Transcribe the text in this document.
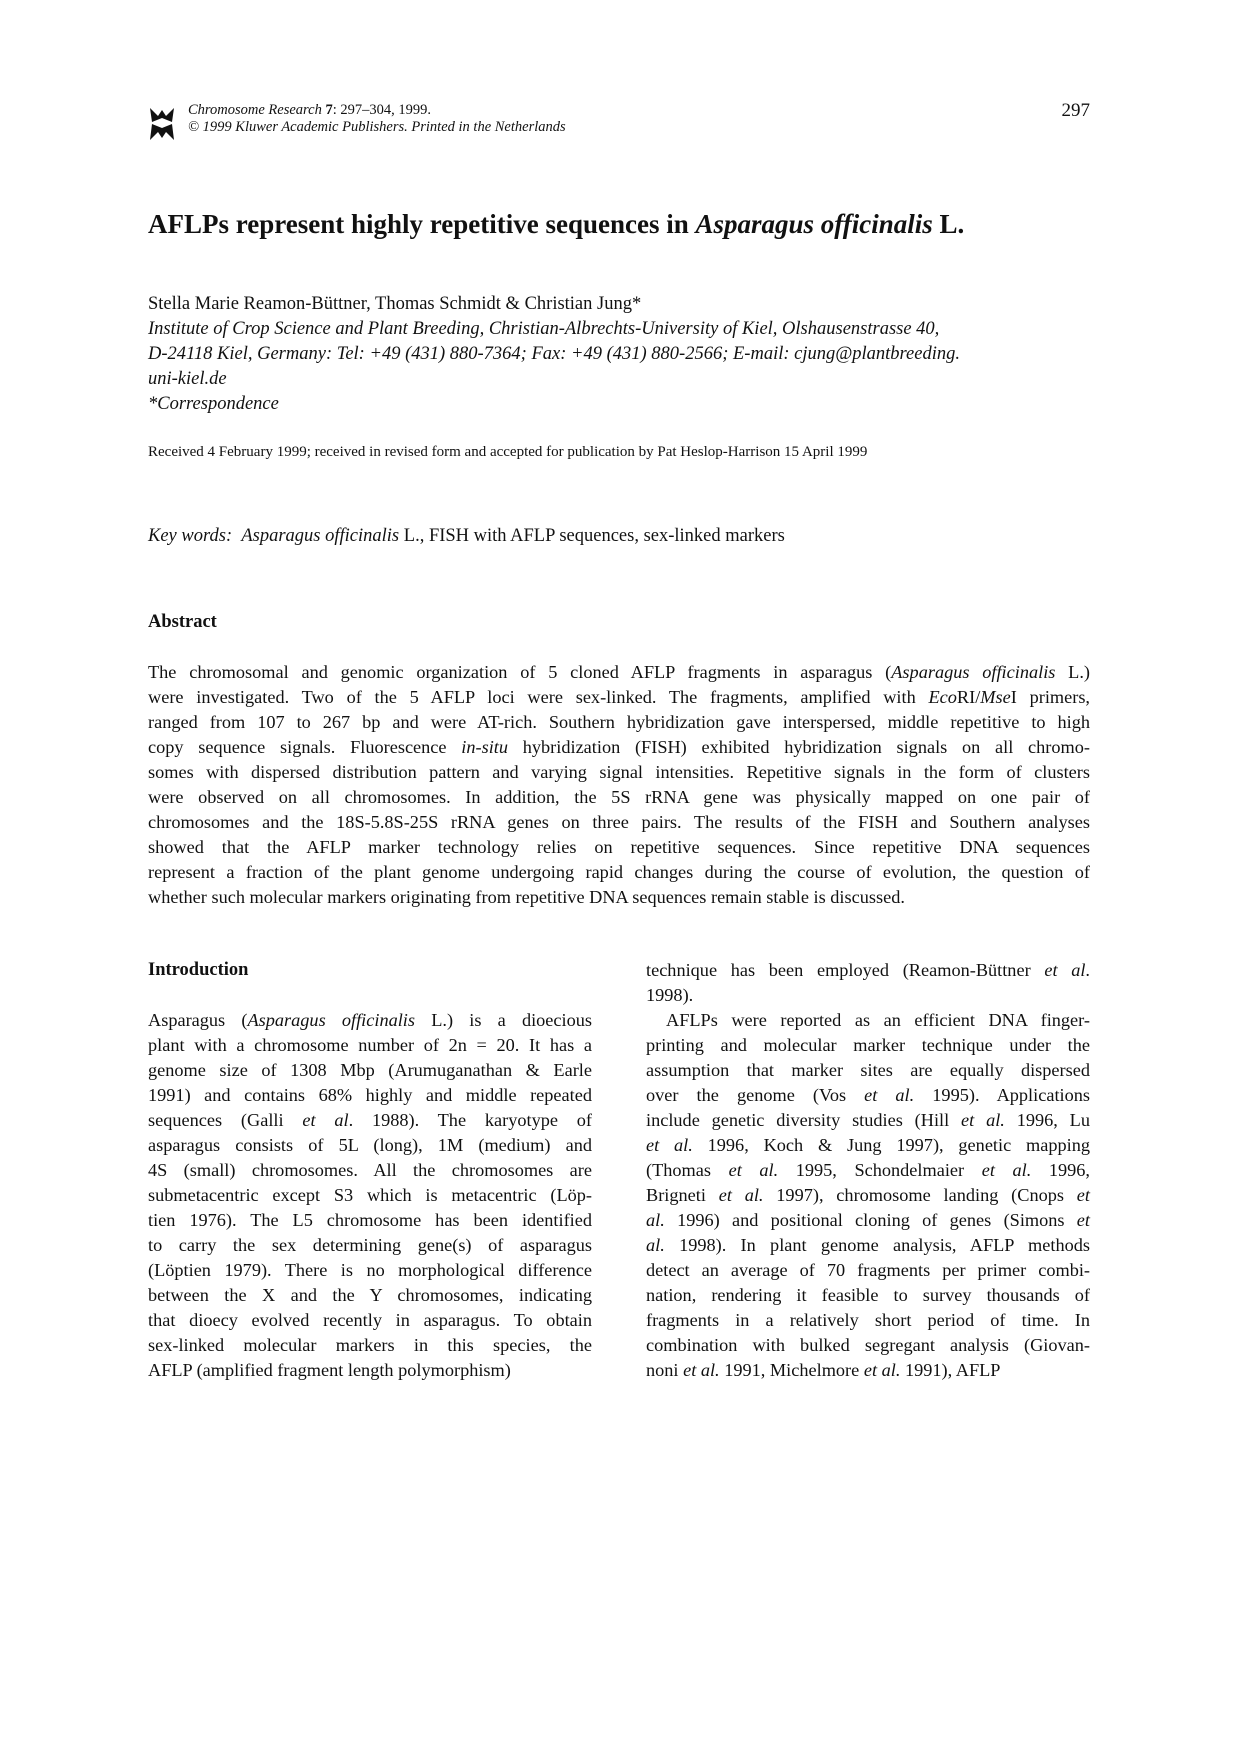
Chromosome Research 7: 297–304, 1999.
© 1999 Kluwer Academic Publishers. Printed in the Netherlands
297
AFLPs represent highly repetitive sequences in Asparagus officinalis L.
Stella Marie Reamon-Büttner, Thomas Schmidt & Christian Jung*
Institute of Crop Science and Plant Breeding, Christian-Albrechts-University of Kiel, Olshausenstrasse 40,
D-24118 Kiel, Germany: Tel: +49 (431) 880-7364; Fax: +49 (431) 880-2566; E-mail: cjung@plantbreeding.
uni-kiel.de
*Correspondence
Received 4 February 1999; received in revised form and accepted for publication by Pat Heslop-Harrison 15 April 1999
Key words: Asparagus officinalis L., FISH with AFLP sequences, sex-linked markers
Abstract
The chromosomal and genomic organization of 5 cloned AFLP fragments in asparagus (Asparagus officinalis L.)
were investigated. Two of the 5 AFLP loci were sex-linked. The fragments, amplified with EcoRI/MseI primers,
ranged from 107 to 267 bp and were AT-rich. Southern hybridization gave interspersed, middle repetitive to high
copy sequence signals. Fluorescence in-situ hybridization (FISH) exhibited hybridization signals on all chromo-
somes with dispersed distribution pattern and varying signal intensities. Repetitive signals in the form of clusters
were observed on all chromosomes. In addition, the 5S rRNA gene was physically mapped on one pair of
chromosomes and the 18S-5.8S-25S rRNA genes on three pairs. The results of the FISH and Southern analyses
showed that the AFLP marker technology relies on repetitive sequences. Since repetitive DNA sequences
represent a fraction of the plant genome undergoing rapid changes during the course of evolution, the question of
whether such molecular markers originating from repetitive DNA sequences remain stable is discussed.
Introduction

Asparagus (Asparagus officinalis L.) is a dioecious
plant with a chromosome number of 2n = 20. It has a
genome size of 1308 Mbp (Arumuganathan & Earle
1991) and contains 68% highly and middle repeated
sequences (Galli et al. 1988). The karyotype of
asparagus consists of 5L (long), 1M (medium) and
4S (small) chromosomes. All the chromosomes are
submetacentric except S3 which is metacentric (Löp-
tien 1976). The L5 chromosome has been identified
to carry the sex determining gene(s) of asparagus
(Löptien 1979). There is no morphological difference
between the X and the Y chromosomes, indicating
that dioecy evolved recently in asparagus. To obtain
sex-linked molecular markers in this species, the
AFLP (amplified fragment length polymorphism)

technique has been employed (Reamon-Büttner et al.
1998).

AFLPs were reported as an efficient DNA finger-
printing and molecular marker technique under the
assumption that marker sites are equally dispersed
over the genome (Vos et al. 1995). Applications
include genetic diversity studies (Hill et al. 1996, Lu
et al. 1996, Koch & Jung 1997), genetic mapping
(Thomas et al. 1995, Schondelmaier et al. 1996,
Brigneti et al. 1997), chromosome landing (Cnops et
al. 1996) and positional cloning of genes (Simons et
al. 1998). In plant genome analysis, AFLP methods
detect an average of 70 fragments per primer combi-
nation, rendering it feasible to survey thousands of
fragments in a relatively short period of time. In
combination with bulked segregant analysis (Giovan-
noni et al. 1991, Michelmore et al. 1991), AFLP
